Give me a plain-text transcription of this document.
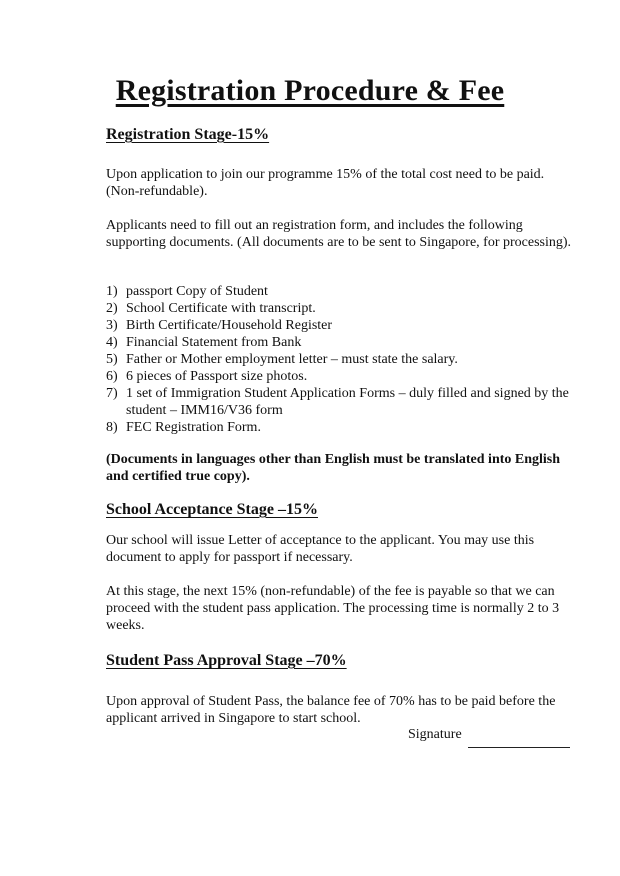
Registration Procedure & Fee
Registration Stage-15%
Upon application to join our programme 15% of the total cost need to be paid. (Non-refundable).
Applicants need to fill out an registration form, and includes the following supporting documents. (All documents are to be sent to Singapore, for processing).
1) passport Copy of Student
2) School Certificate with transcript.
3) Birth Certificate/Household Register
4) Financial Statement from Bank
5) Father or Mother employment letter – must state the salary.
6) 6 pieces of Passport size photos.
7) 1 set of Immigration Student Application Forms – duly filled and signed by the student – IMM16/V36 form
8) FEC Registration Form.
(Documents in languages other than English must be translated into English and certified true copy).
School Acceptance Stage –15%
Our school will issue Letter of acceptance to the applicant. You may use this document to apply for passport if necessary.
At this stage, the next 15% (non-refundable) of the fee is payable so that we can proceed with the student pass application. The processing time is normally 2 to 3 weeks.
Student Pass Approval Stage –70%
Upon approval of Student Pass, the balance fee of 70% has to be paid before the applicant arrived in Singapore to start school.
Signature
